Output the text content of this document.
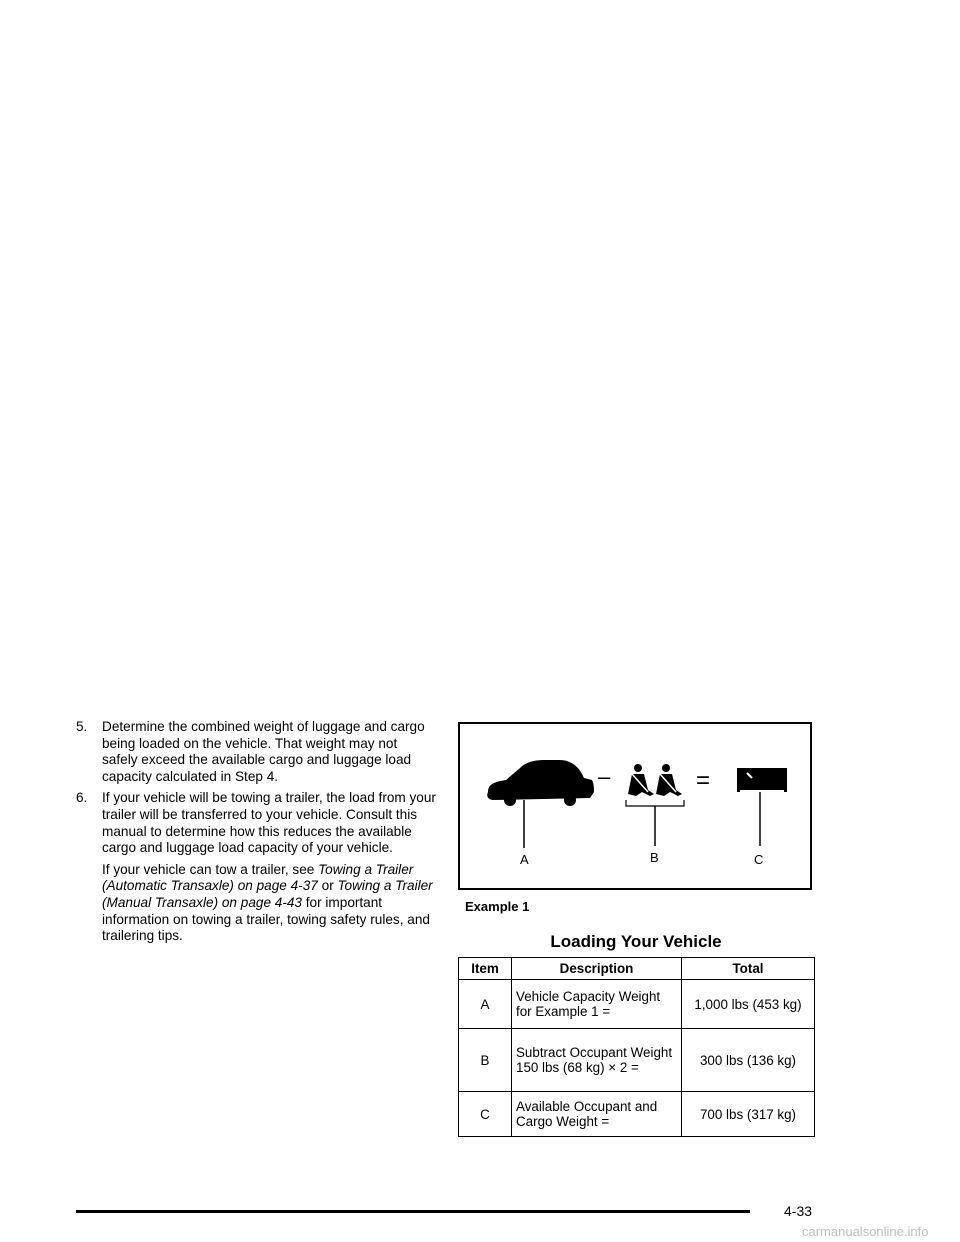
5. Determine the combined weight of luggage and cargo being loaded on the vehicle. That weight may not safely exceed the available cargo and luggage load capacity calculated in Step 4.
6. If your vehicle will be towing a trailer, the load from your trailer will be transferred to your vehicle. Consult this manual to determine how this reduces the available cargo and luggage load capacity of your vehicle.
If your vehicle can tow a trailer, see Towing a Trailer (Automatic Transaxle) on page 4-37 or Towing a Trailer (Manual Transaxle) on page 4-43 for important information on towing a trailer, towing safety rules, and trailering tips.
A
–
B
=
C
Example 1
Loading Your Vehicle
Item	Description	Total
A	Vehicle Capacity Weight for Example 1 =	1,000 lbs (453 kg)
B	Subtract Occupant Weight 150 lbs (68 kg) × 2 =	300 lbs (136 kg)
C	Available Occupant and Cargo Weight =	700 lbs (317 kg)
4-33
carmanualsonline.info
